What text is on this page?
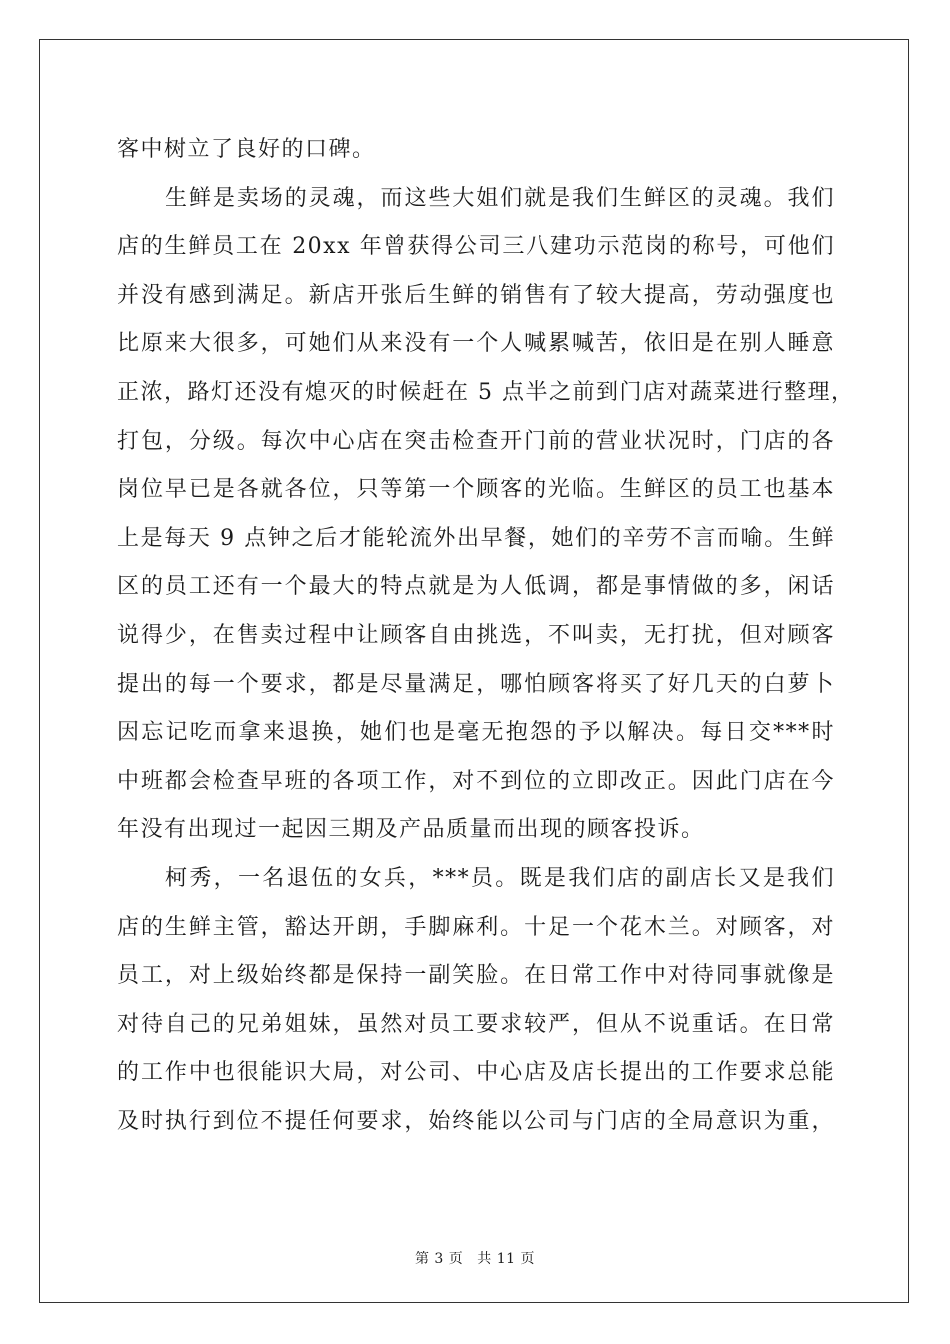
客中树立了良好的口碑。
生鲜是卖场的灵魂，而这些大姐们就是我们生鲜区的灵魂。我们
店的生鲜员工在 20xx 年曾获得公司三八建功示范岗的称号，可他们
并没有感到满足。新店开张后生鲜的销售有了较大提高，劳动强度也
比原来大很多，可她们从来没有一个人喊累喊苦，依旧是在别人睡意
正浓，路灯还没有熄灭的时候赶在 5 点半之前到门店对蔬菜进行整理，
打包，分级。每次中心店在突击检查开门前的营业状况时，门店的各
岗位早已是各就各位，只等第一个顾客的光临。生鲜区的员工也基本
上是每天 9 点钟之后才能轮流外出早餐，她们的辛劳不言而喻。生鲜
区的员工还有一个最大的特点就是为人低调，都是事情做的多，闲话
说得少，在售卖过程中让顾客自由挑选，不叫卖，无打扰，但对顾客
提出的每一个要求，都是尽量满足，哪怕顾客将买了好几天的白萝卜
因忘记吃而拿来退换，她们也是毫无抱怨的予以解决。每日交***时
中班都会检查早班的各项工作，对不到位的立即改正。因此门店在今
年没有出现过一起因三期及产品质量而出现的顾客投诉。
柯秀，一名退伍的女兵，***员。既是我们店的副店长又是我们
店的生鲜主管，豁达开朗，手脚麻利。十足一个花木兰。对顾客，对
员工，对上级始终都是保持一副笑脸。在日常工作中对待同事就像是
对待自己的兄弟姐妹，虽然对员工要求较严，但从不说重话。在日常
的工作中也很能识大局，对公司、中心店及店长提出的工作要求总能
及时执行到位不提任何要求，始终能以公司与门店的全局意识为重，
第 3 页 共 11 页
